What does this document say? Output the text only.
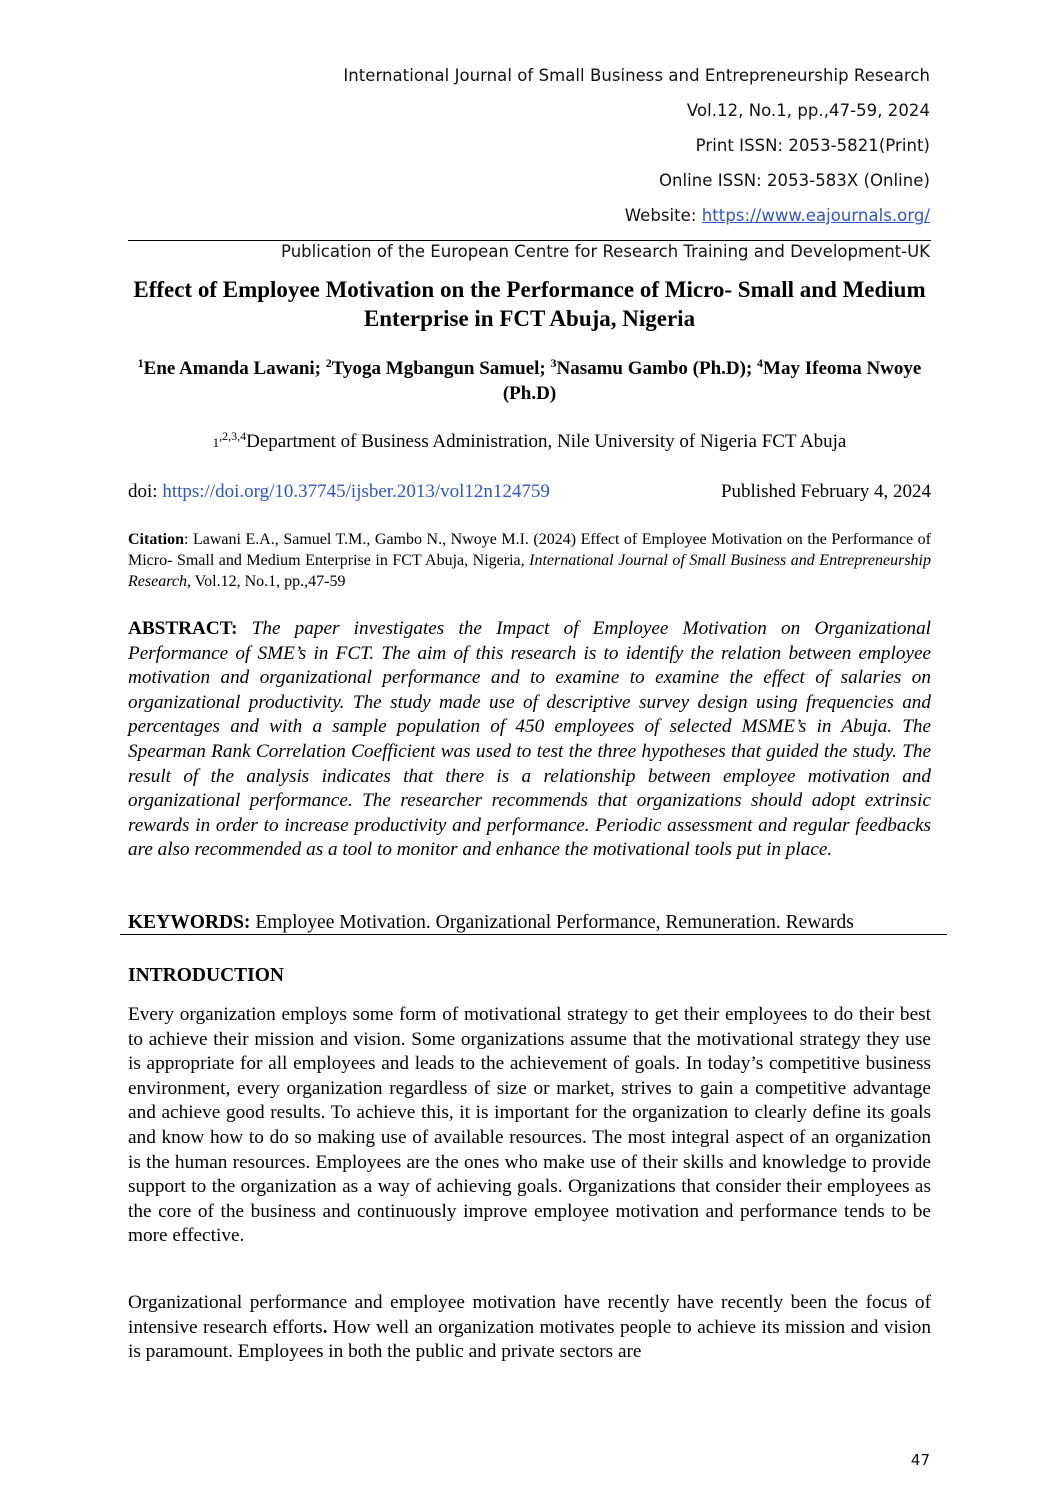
International Journal of Small Business and Entrepreneurship Research
Vol.12, No.1, pp.,47-59, 2024
Print ISSN: 2053-5821(Print)
Online ISSN: 2053-583X (Online)
Website: https://www.eajournals.org/
Publication of the European Centre for Research Training and Development-UK
Effect of Employee Motivation on the Performance of Micro- Small and Medium Enterprise in FCT Abuja, Nigeria
$^1$Ene Amanda Lawani; $^2$Tyoga Mgbangun Samuel; $^3$Nasamu Gambo (Ph.D); $^4$May Ifeoma Nwoye (Ph.D)
$1^{,2,3,4}Department$ of Business Administration, Nile University of Nigeria FCT Abuja
doi: https://doi.org/10.37745/ijsber.2013/vol12n124759	Published February 4, 2024
Citation: Lawani E.A., Samuel T.M., Gambo N., Nwoye M.I. (2024) Effect of Employee Motivation on the Performance of Micro- Small and Medium Enterprise in FCT Abuja, Nigeria, International Journal of Small Business and Entrepreneurship Research, Vol.12, No.1, pp.,47-59
ABSTRACT: The paper investigates the Impact of Employee Motivation on Organizational Performance of SME’s in FCT. The aim of this research is to identify the relation between employee motivation and organizational performance and to examine to examine the effect of salaries on organizational productivity. The study made use of descriptive survey design using frequencies and percentages and with a sample population of 450 employees of selected MSME’s in Abuja. The Spearman Rank Correlation Coefficient was used to test the three hypotheses that guided the study. The result of the analysis indicates that there is a relationship between employee motivation and organizational performance. The researcher recommends that organizations should adopt extrinsic rewards in order to increase productivity and performance. Periodic assessment and regular feedbacks are also recommended as a tool to monitor and enhance the motivational tools put in place.
KEYWORDS: Employee Motivation. Organizational Performance, Remuneration. Rewards
INTRODUCTION
Every organization employs some form of motivational strategy to get their employees to do their best to achieve their mission and vision. Some organizations assume that the motivational strategy they use is appropriate for all employees and leads to the achievement of goals. In today’s competitive business environment, every organization regardless of size or market, strives to gain a competitive advantage and achieve good results. To achieve this, it is important for the organization to clearly define its goals and know how to do so making use of available resources. The most integral aspect of an organization is the human resources. Employees are the ones who make use of their skills and knowledge to provide support to the organization as a way of achieving goals. Organizations that consider their employees as the core of the business and continuously improve employee motivation and performance tends to be more effective.
Organizational performance and employee motivation have recently have recently been the focus of intensive research efforts. How well an organization motivates people to achieve its mission and vision is paramount. Employees in both the public and private sectors are
47
